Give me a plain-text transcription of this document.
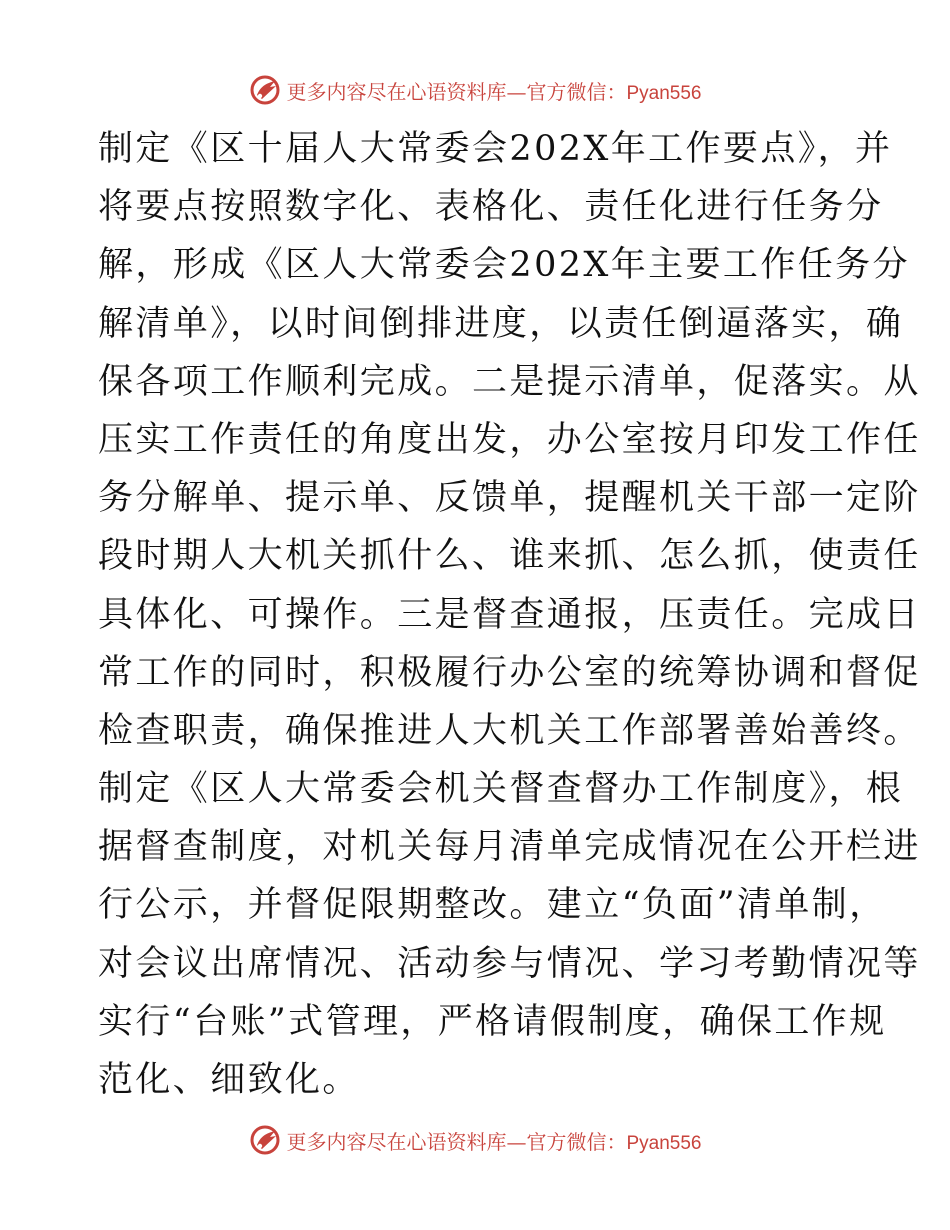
更多内容尽在心语资料库—官方微信：Pyan556
制定《区十届人大常委会202X年工作要点》，并
将要点按照数字化、表格化、责任化进行任务分
解，形成《区人大常委会202X年主要工作任务分
解清单》，以时间倒排进度，以责任倒逼落实，确
保各项工作顺利完成。二是提示清单，促落实。从
压实工作责任的角度出发，办公室按月印发工作任
务分解单、提示单、反馈单，提醒机关干部一定阶
段时期人大机关抓什么、谁来抓、怎么抓，使责任
具体化、可操作。三是督查通报，压责任。完成日
常工作的同时，积极履行办公室的统筹协调和督促
检查职责，确保推进人大机关工作部署善始善终。
制定《区人大常委会机关督查督办工作制度》，根
据督查制度，对机关每月清单完成情况在公开栏进
行公示，并督促限期整改。建立“负面”清单制，
对会议出席情况、活动参与情况、学习考勤情况等
实行“台账”式管理，严格请假制度，确保工作规
范化、细致化。
更多内容尽在心语资料库—官方微信：Pyan556
